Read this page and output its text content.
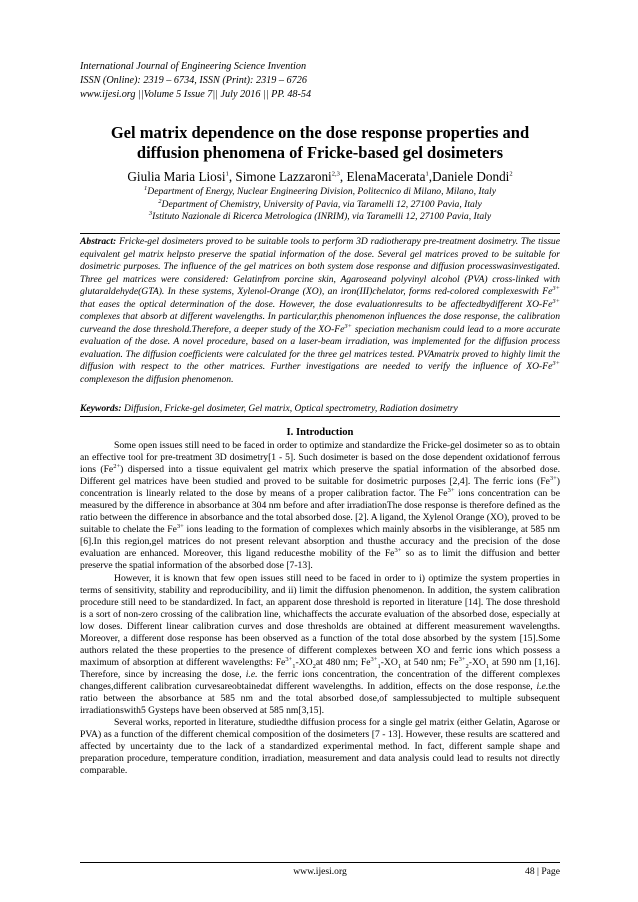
International Journal of Engineering Science Invention
ISSN (Online): 2319 – 6734, ISSN (Print): 2319 – 6726
www.ijesi.org ||Volume 5 Issue 7|| July 2016 || PP. 48-54
Gel matrix dependence on the dose response properties and
diffusion phenomena of Fricke-based gel dosimeters
Giulia Maria Liosi$^1$, Simone Lazzaroni$^{2,3}$, ElenaMacerata$^1$,Daniele Dondi$^2$
$^1$Department of Energy, Nuclear Engineering Division, Politecnico di Milano, Milano, Italy
$^2$Department of Chemistry, University of Pavia, via Taramelli 12, 27100 Pavia, Italy
$^3$Istituto Nazionale di Ricerca Metrologica (INRIM), via Taramelli 12, 27100 Pavia, Italy
Abstract: Fricke-gel dosimeters proved to be suitable tools to perform 3D radiotherapy pre-treatment dosimetry. The tissue equivalent gel matrix helpsto preserve the spatial information of the dose. Several gel matrices proved to be suitable for dosimetric purposes. The influence of the gel matrices on both system dose response and diffusion processwasinvestigated. Three gel matrices were considered: Gelatinfrom porcine skin, Agaroseand polyvinyl alcohol (PVA) cross-linked with glutaraldehyde(GTA). In these systems, Xylenol-Orange (XO), an iron(III)chelator, forms red-colored complexeswith $Fe^{3+}$ that eases the optical determination of the dose. However, the dose evaluationresults to be affectedbydifferent $XO-Fe^{3+}$ complexes that absorb at different wavelengths. In particular,this phenomenon influences the dose response, the calibration curveand the dose threshold.Therefore, a deeper study of the $XO-Fe^{3+}$ speciation mechanism could lead to a more accurate evaluation of the dose. A novel procedure, based on a laser-beam irradiation, was implemented for the diffusion process evaluation. The diffusion coefficients were calculated for the three gel matrices tested. PVAmatrix proved to highly limit the diffusion with respect to the other matrices. Further investigations are needed to verify the influence of $XO-Fe^{3+}$ complexeson the diffusion phenomenon.
Keywords: Diffusion, Fricke-gel dosimeter, Gel matrix, Optical spectrometry, Radiation dosimetry
I. Introduction

Some open issues still need to be faced in order to optimize and standardize the Fricke-gel dosimeter so as to obtain an effective tool for pre-treatment 3D dosimetry[1 - 5]. Such dosimeter is based on the dose dependent oxidationof ferrous ions $(Fe^{2+})$ dispersed into a tissue equivalent gel matrix which preserve the spatial information of the absorbed dose. Different gel matrices have been studied and proved to be suitable for dosimetric purposes [2,4]. The ferric ions $(Fe^{3+})$ concentration is linearly related to the dose by means of a proper calibration factor. The $Fe^{3+}$ ions concentration can be measured by the difference in absorbance at 304 nm before and after irradiationThe dose response is therefore defined as the ratio between the difference in absorbance and the total absorbed dose. [2]. A ligand, the Xylenol Orange (XO), proved to be suitable to chelate the $Fe^{3+}$ ions leading to the formation of complexes which mainly absorbs in the visiblerange, at 585 nm [6].In this region,gel matrices do not present relevant absorption and thusthe accuracy and the precision of the dose evaluation are enhanced. Moreover, this ligand reducesthe mobility of the $Fe^{3+}$ so as to limit the diffusion and better preserve the spatial information of the absorbed dose [7-13].

However, it is known that few open issues still need to be faced in order to i) optimize the system properties in terms of sensitivity, stability and reproducibility, and ii) limit the diffusion phenomenon. In addition, the system calibration procedure still need to be standardized. In fact, an apparent dose threshold is reported in literature [14]. The dose threshold is a sort of non-zero crossing of the calibration line, whichaffects the accurate evaluation of the absorbed dose, especially at low doses. Different linear calibration curves and dose thresholds are obtained at different measurement wavelengths. Moreover, a different dose response has been observed as a function of the total dose absorbed by the system [15].Some authors related the these properties to the presence of different complexes between XO and ferric ions which possess a maximum of absorption at different wavelengths: $Fe^{3+}_1-XO_2at$ 480 nm; $Fe^{3+}_1-XO_1$ at 540 nm; $Fe^{3+}_2-XO_1$ at 590 nm [1,16]. Therefore, since by increasing the dose, i.e. the ferric ions concentration, the concentration of the different complexes changes,different calibration curvesareobtainedat different wavelengths. In addition, effects on the dose response, i.e.the ratio between the absorbance at 585 nm and the total absorbed dose,of samplessubjected to multiple subsequent irradiationswith5 Gysteps have been observed at 585 nm[3,15].

Several works, reported in literature, studiedthe diffusion process for a single gel matrix (either Gelatin, Agarose or PVA) as a function of the different chemical composition of the dosimeters [7 - 13]. However, these results are scattered and affected by uncertainty due to the lack of a standardized experimental method. In fact, different sample shape and preparation procedure, temperature condition, irradiation, measurement and data analysis could lead to results not directly comparable.

www.ijesi.org	48 | Page
